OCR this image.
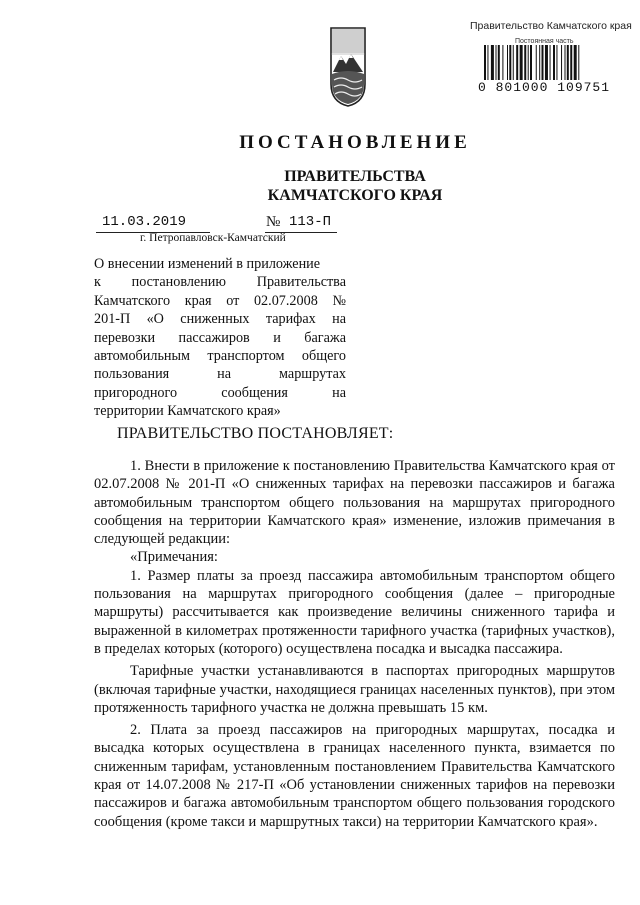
Правительство Камчатского края
Постоянная часть
0 801000 109751
ПОСТАНОВЛЕНИЕ
ПРАВИТЕЛЬСТВА
КАМЧАТСКОГО КРАЯ
11.03.2019	№ 113-П
г. Петропавловск-Камчатский
О внесении изменений в приложение
к постановлению Правительства
Камчатского края от 02.07.2008 №
201-П «О сниженных тарифах на
перевозки пассажиров и багажа
автомобильным транспортом общего
пользования на маршрутах
пригородного сообщения на
территории Камчатского края»
ПРАВИТЕЛЬСТВО ПОСТАНОВЛЯЕТ:

1. Внести в приложение к постановлению Правительства Камчатского края от 02.07.2008 № 201-П «О сниженных тарифах на перевозки пассажиров и багажа автомобильным транспортом общего пользования на маршрутах пригородного сообщения на территории Камчатского края» изменение, изложив примечания в следующей редакции:

«Примечания:

1. Размер платы за проезд пассажира автомобильным транспортом общего пользования на маршрутах пригородного сообщения (далее – пригородные маршруты) рассчитывается как произведение величины сниженного тарифа и выраженной в километрах протяженности тарифного участка (тарифных участков), в пределах которых (которого) осуществлена посадка и высадка пассажира.

Тарифные участки устанавливаются в паспортах пригородных маршрутов (включая тарифные участки, находящиеся границах населенных пунктов), при этом протяженность тарифного участка не должна превышать 15 км.

2. Плата за проезд пассажиров на пригородных маршрутах, посадка и высадка которых осуществлена в границах населенного пункта, взимается по сниженным тарифам, установленным постановлением Правительства Камчатского края от 14.07.2008 № 217-П «Об установлении сниженных тарифов на перевозки пассажиров и багажа автомобильным транспортом общего пользования городского сообщения (кроме такси и маршрутных такси) на территории Камчатского края».
